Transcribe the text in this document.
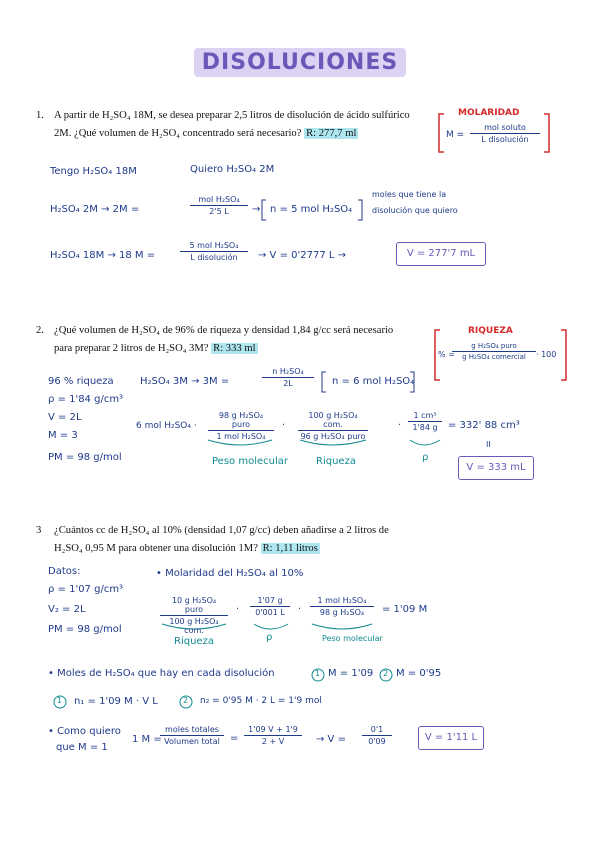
DISOLUCIONES
1. A partir de H₂SO₄ 18M, se desea preparar 2,5 litros de disolución de ácido sulfúrico
2M. ¿Qué volumen de H₂SO₄ concentrado será necesario? R: 277,7 ml
MOLARIDAD
M =
mol soluto
L disolución
Tengo H₂SO₄ 18M	Quiero H₂SO₄ 2M
H₂SO₄ 2M → 2M =
mol H₂SO₄
2'5 L	→ n = 5 mol H₂SO₄
moles que tiene la
disolución que quiero
H₂SO₄ 18M → 18 M =
5 mol H₂SO₄
L disolución	→ V = 0'2777 L →	V = 277'7 mL
2. ¿Qué volumen de H₂SO₄ de 96% de riqueza y densidad 1,84 g/cc será necesario
para preparar 2 litros de H₂SO₄ 3M? R: 333 ml
RIQUEZA
% =
g H₂SO₄ puro
g H₂SO₄ comercial	· 100
96 % riqueza
ρ = 1'84 g/cm³
V = 2L
M = 3
PM = 98 g/mol
H₂SO₄ 3M → 3M =	$\frac{\text{n H₂SO₄}}{2L}$ n = 6 mol H₂SO₄
6 mol H₂SO₄ ·
98 g H₂SO₄ puro
1 mol H₂SO₄
·
100 g H₂SO₄ com.
96 g H₂SO₄ puro
· $\frac{\text{1 cm³}}{1'84 g} = 332'$ 88 cm³
II
Peso molecular	Riqueza	ρ
V = 333 mL
3 ¿Cuántos cc de H₂SO₄ al 10% (densidad 1,07 g/cc) deben añadirse a 2 litros de
H₂SO₄ 0,95 M para obtener una disolución 1M? R: 1,11 litros
Datos:
ρ = 1'07 g/cm³
V₂ = 2L
PM = 98 g/mol
• Molaridad del H₂SO₄ al 10%
10 g H₂SO₄ puro
100 g H₂SO₄ com.
· $\frac{1'07 g}{0'001 L}$ ·
1 mol H₂SO₄
98 g H₂SO₄	= 1'09 M
Riqueza	ρ	Peso molecular
• Moles de H₂SO₄ que hay en cada disolución	1 M = 1'09 2 M = 0'95
1 n₁ = 1'09 M · V L	2 n₂ = 0'95 M · 2 L = 1'9 mol
• Como quiero
que M = 1
1 M =
moles totales
Volumen total	= $\frac{1'09 V + 1'9}{2 + V} \to V = \frac{0'1}{0'09}$	V = 1'11 L
